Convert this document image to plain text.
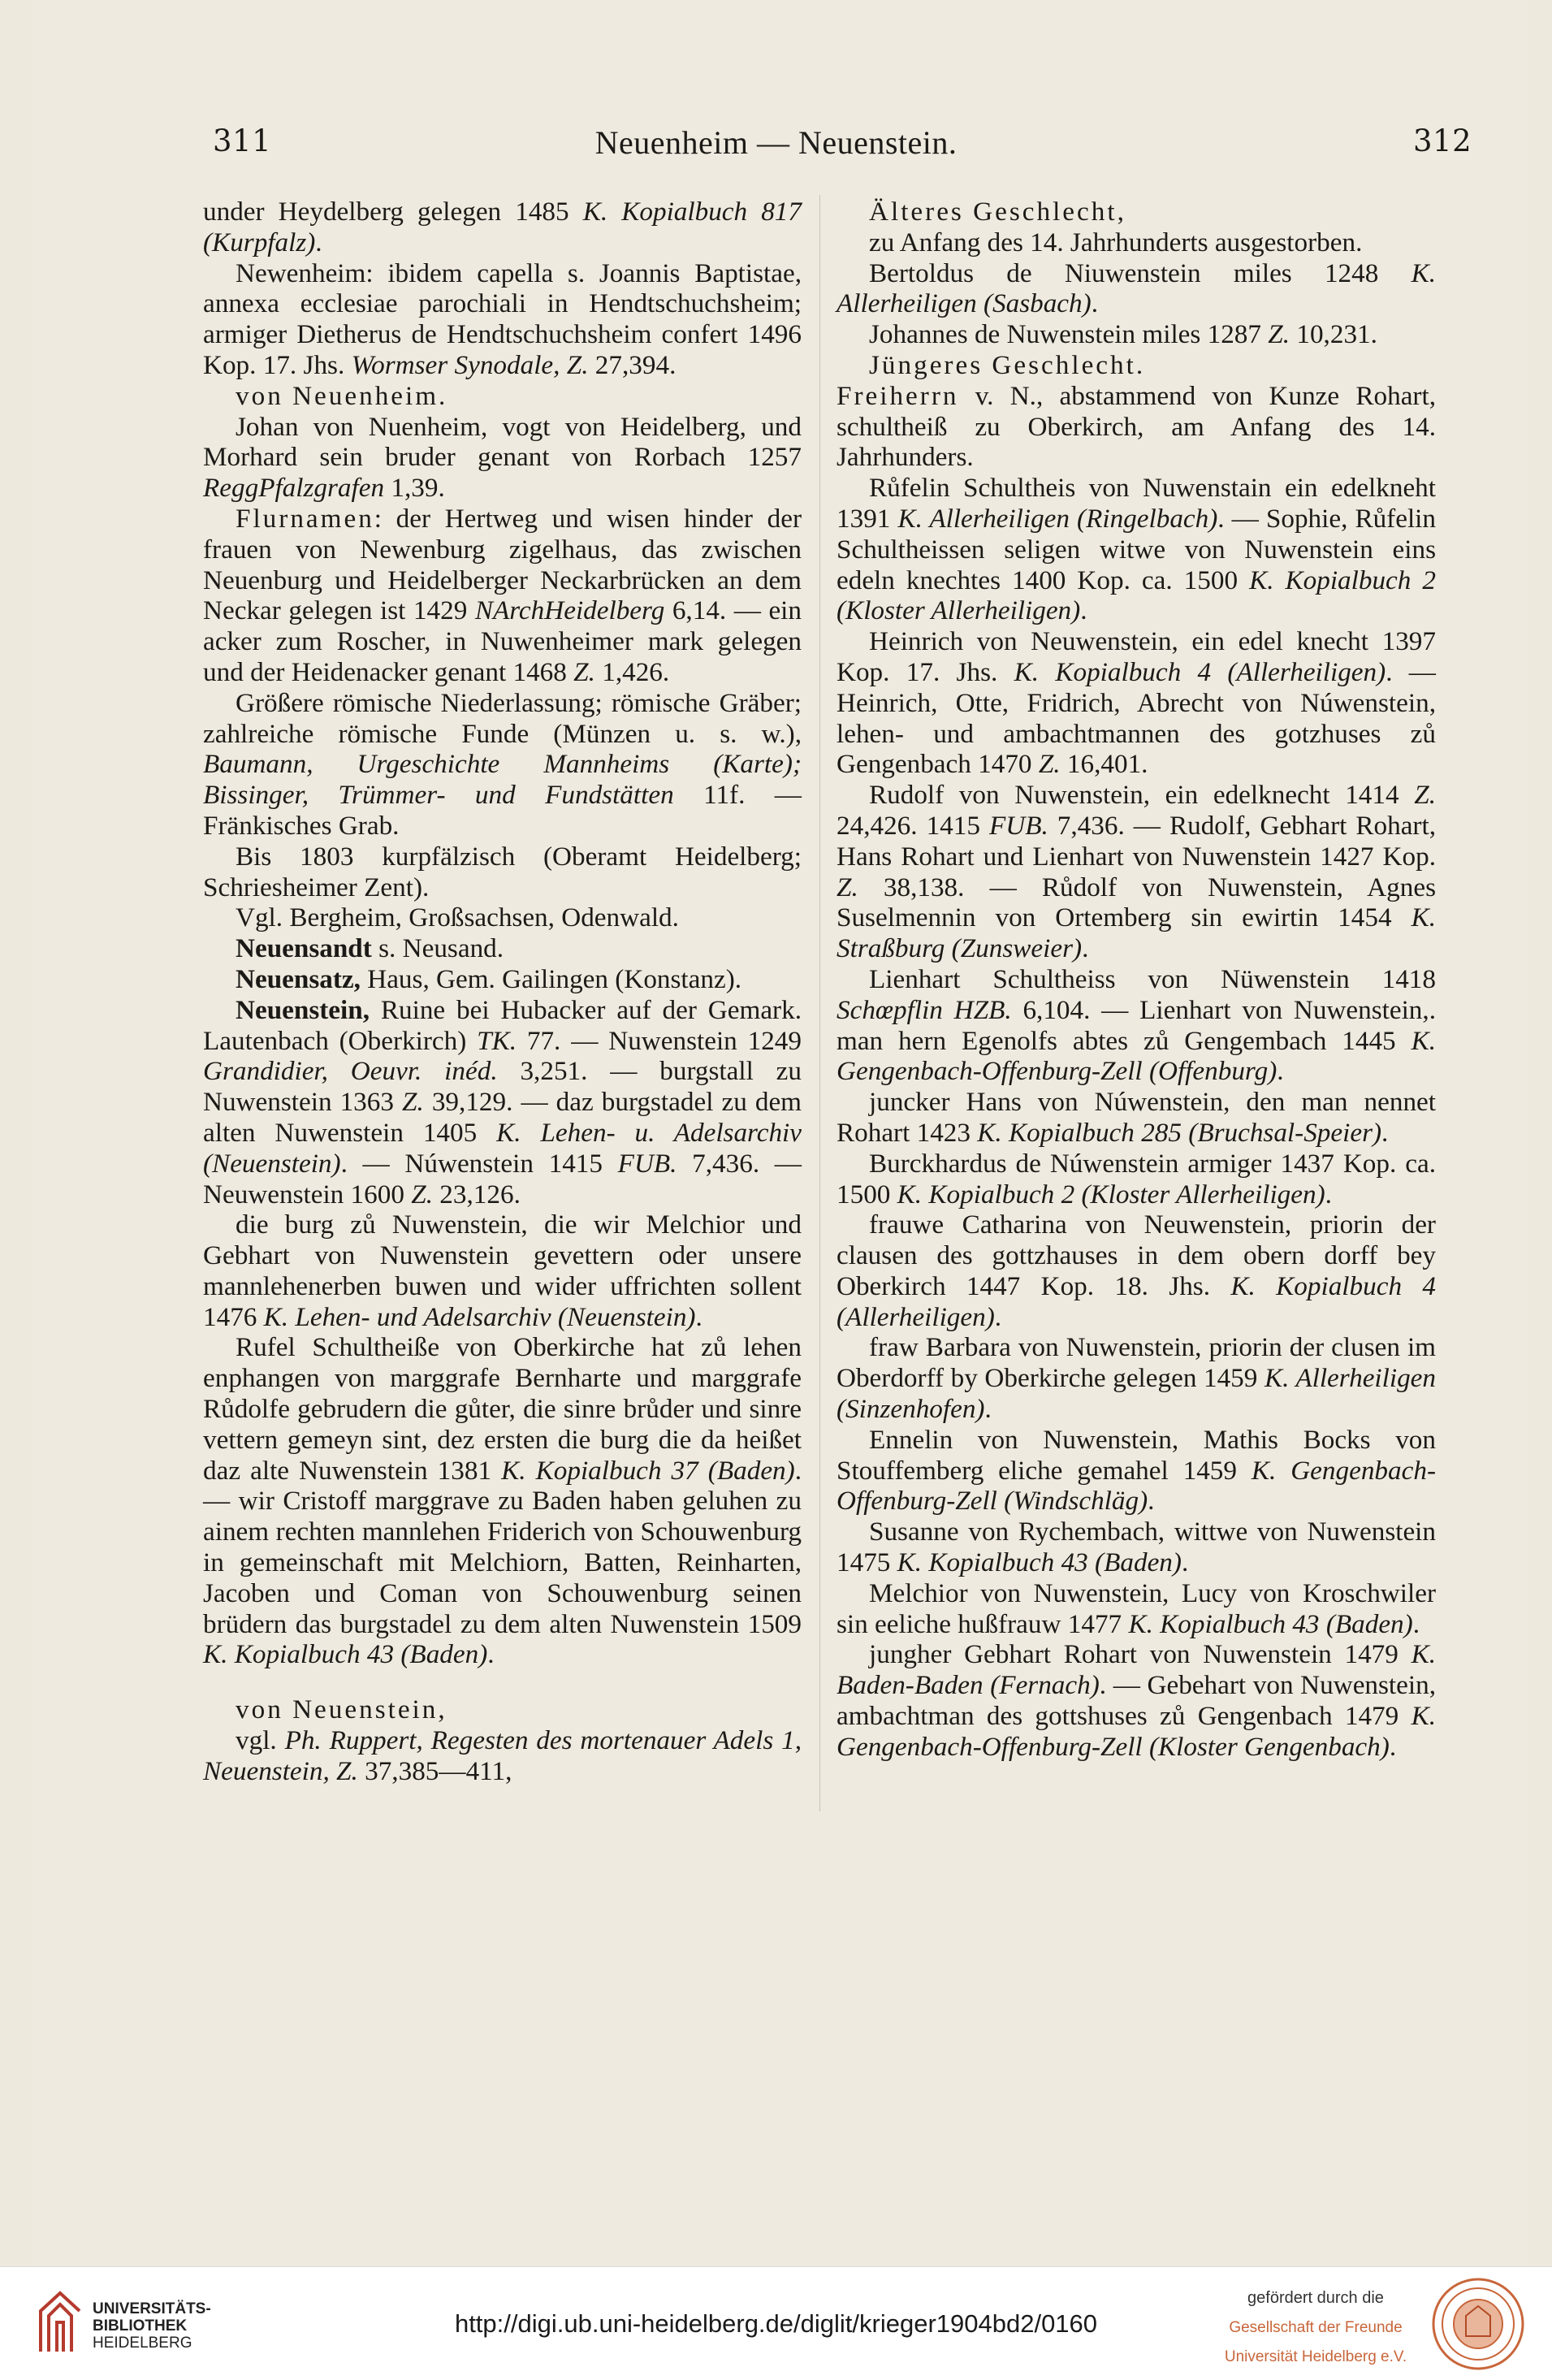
311	Neuenheim — Neuenstein.	312

under Heydelberg gelegen 1485 K. Kopialbuch 817 (Kurpfalz).

Newenheim: ibidem capella s. Joannis Baptistae, annexa ecclesiae parochiali in Hendtschuchsheim; armiger Dietherus de Hendtschuchsheim confert 1496 Kop. 17. Jhs. Wormser Synodale, Z. 27,394.

von Neuenheim.

Johan von Nuenheim, vogt von Heidelberg, und Morhard sein bruder genant von Rorbach 1257 ReggPfalzgrafen 1,39.

Flurnamen: der Hertweg und wisen hinder der frauen von Newenburg zigelhaus, das zwischen Neuenburg und Heidelberger Neckarbrücken an dem Neckar gelegen ist 1429 NArchHeidelberg 6,14. — ein acker zum Roscher, in Nuwenheimer mark gelegen und der Heidenacker genant 1468 Z. 1,426.

Größere römische Niederlassung; römische Gräber; zahlreiche römische Funde (Münzen u. s. w.), Baumann, Urgeschichte Mannheims (Karte); Bissinger, Trümmer- und Fundstätten 11f. — Fränkisches Grab.

Bis 1803 kurpfälzisch (Oberamt Heidelberg; Schriesheimer Zent).

Vgl. Bergheim, Großsachsen, Odenwald.

Neuensandt s. Neusand.

Neuensatz, Haus, Gem. Gailingen (Konstanz).

Neuenstein, Ruine bei Hubacker auf der Gemark. Lautenbach (Oberkirch) TK. 77. — Nuwenstein 1249 Grandidier, Oeuvr. inéd. 3,251. — burgstall zu Nuwenstein 1363 Z. 39,129. — daz burgstadel zu dem alten Nuwenstein 1405 K. Lehen- u. Adelsarchiv (Neuenstein). — Núwenstein 1415 FUB. 7,436. — Neuwenstein 1600 Z. 23,126.

die burg zů Nuwenstein, die wir Melchior und Gebhart von Nuwenstein gevettern oder unsere mannlehenerben buwen und wider uffrichten sollent 1476 K. Lehen- und Adelsarchiv (Neuenstein).

Rufel Schultheiße von Oberkirche hat zů lehen enphangen von marggrafe Bernharte und marggrafe Růdolfe gebrudern die gůter, die sinre brůder und sinre vettern gemeyn sint, dez ersten die burg die da heißet daz alte Nuwenstein 1381 K. Kopialbuch 37 (Baden). — wir Cristoff marggrave zu Baden haben geluhen zu ainem rechten mannlehen Friderich von Schouwenburg in gemeinschaft mit Melchiorn, Batten, Reinharten, Jacoben und Coman von Schouwenburg seinen brüdern das burgstadel zu dem alten Nuwenstein 1509 K. Kopialbuch 43 (Baden).

von Neuenstein,

vgl. Ph. Ruppert, Regesten des mortenauer Adels 1, Neuenstein, Z. 37,385—411,

Älteres Geschlecht,

zu Anfang des 14. Jahrhunderts ausgestorben.

Bertoldus de Niuwenstein miles 1248 K. Allerheiligen (Sasbach).

Johannes de Nuwenstein miles 1287 Z. 10,231.

Jüngeres Geschlecht.

Freiherrn v. N., abstammend von Kunze Rohart, schultheiß zu Oberkirch, am Anfang des 14. Jahrhunders.

Růfelin Schultheis von Nuwenstain ein edelkneht 1391 K. Allerheiligen (Ringelbach). — Sophie, Růfelin Schultheissen seligen witwe von Nuwenstein eins edeln knechtes 1400 Kop. ca. 1500 K. Kopialbuch 2 (Kloster Allerheiligen).

Heinrich von Neuwenstein, ein edel knecht 1397 Kop. 17. Jhs. K. Kopialbuch 4 (Allerheiligen). — Heinrich, Otte, Fridrich, Abrecht von Núwenstein, lehen- und ambachtmannen des gotzhuses zů Gengenbach 1470 Z. 16,401.

Rudolf von Nuwenstein, ein edelknecht 1414 Z. 24,426. 1415 FUB. 7,436. — Rudolf, Gebhart Rohart, Hans Rohart und Lienhart von Nuwenstein 1427 Kop. Z. 38,138. — Růdolf von Nuwenstein, Agnes Suselmennin von Ortemberg sin ewirtin 1454 K. Straßburg (Zunsweier).

Lienhart Schultheiss von Nüwenstein 1418 Schœpflin HZB. 6,104. — Lienhart von Nuwenstein,. man hern Egenolfs abtes zů Gengembach 1445 K. Gengenbach-Offenburg-Zell (Offenburg).

juncker Hans von Núwenstein, den man nennet Rohart 1423 K. Kopialbuch 285 (Bruchsal-Speier).

Burckhardus de Núwenstein armiger 1437 Kop. ca. 1500 K. Kopialbuch 2 (Kloster Allerheiligen).

frauwe Catharina von Neuwenstein, priorin der clausen des gottzhauses in dem obern dorff bey Oberkirch 1447 Kop. 18. Jhs. K. Kopialbuch 4 (Allerheiligen).

fraw Barbara von Nuwenstein, priorin der clusen im Oberdorff by Oberkirche gelegen 1459 K. Allerheiligen (Sinzenhofen).

Ennelin von Nuwenstein, Mathis Bocks von Stouffemberg eliche gemahel 1459 K. Gengenbach-Offenburg-Zell (Windschläg).

Susanne von Rychembach, wittwe von Nuwenstein 1475 K. Kopialbuch 43 (Baden).

Melchior von Nuwenstein, Lucy von Kroschwiler sin eeliche hußfrauw 1477 K. Kopialbuch 43 (Baden).

jungher Gebhart Rohart von Nuwenstein 1479 K. Baden-Baden (Fernach). — Gebehart von Nuwenstein, ambachtman des gottshuses zů Gengenbach 1479 K. Gengenbach-Offenburg-Zell (Kloster Gengenbach).

UNIVERSITÄTS-
BIBLIOTHEK
HEIDELBERG
http://digi.ub.uni-heidelberg.de/diglit/krieger1904bd2/0160
gefördert durch die
Gesellschaft der Freunde
Universität Heidelberg e.V.
